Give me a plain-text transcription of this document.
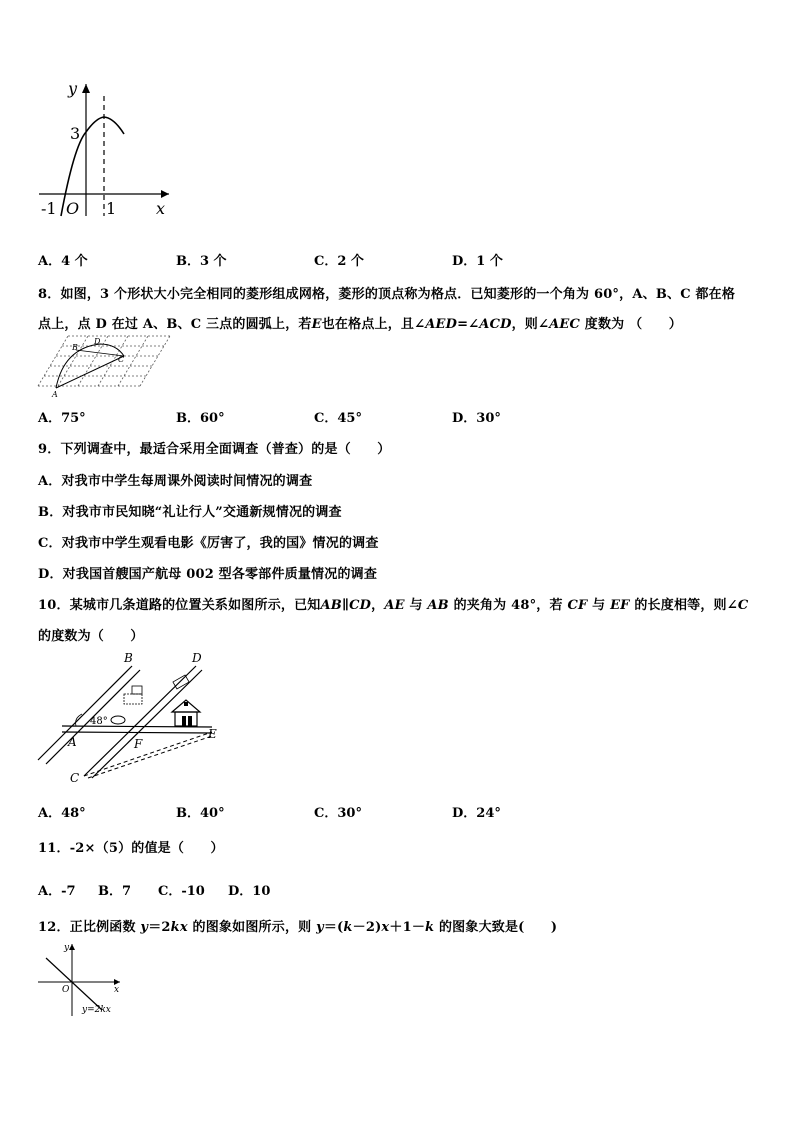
y
x
3
-1 O 1
A．4 个	B．3 个	C．2 个	D．1 个
8．如图，3 个形状大小完全相同的菱形组成网格，菱形的顶点称为格点．已知菱形的一个角为 60°，A、B、C 都在格
点上，点 D 在过 A、B、C 三点的圆弧上，若E也在格点上，且∠AED=∠ACD，则∠AEC 度数为 （　　）
A
B
C
D
A．75°	B．60°	C．45°	D．30°
9．下列调查中，最适合采用全面调查（普查）的是（　　）
A．对我市中学生每周课外阅读时间情况的调查
B．对我市市民知晓“礼让行人”交通新规情况的调查
C．对我市中学生观看电影《厉害了，我的国》情况的调查
D．对我国首艘国产航母 002 型各零部件质量情况的调查
10．某城市几条道路的位置关系如图所示，已知AB∥CD，AE 与 AB 的夹角为 48°，若 CF 与 EF 的长度相等，则∠C
的度数为（　　）
B	D
48°
A	F
E
C
A．48°	B．40°	C．30°	D．24°
11．-2×（5）的值是（　　）
A．-7 B．7 C．-10 D．10
12．正比例函数 y＝2kx 的图象如图所示，则 y＝(k－2)x＋1－k 的图象大致是(　　)
y
x
O
y=2kx
